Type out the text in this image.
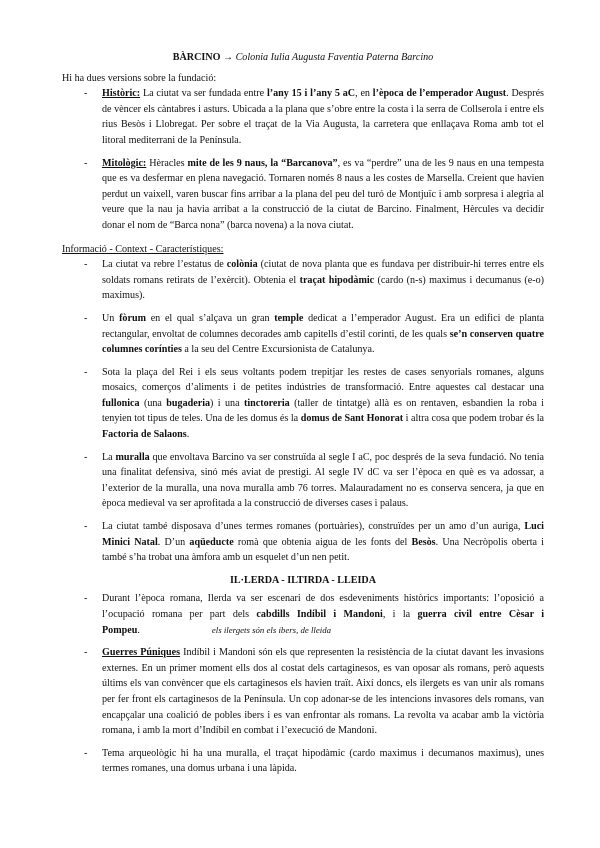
BÀRCINO → Colonia Iulia Augusta Faventia Paterna Barcino

Hi ha dues versions sobre la fundació:

- Històric: La ciutat va ser fundada entre l’any 15 i l’any 5 aC, en l’època de l’emperador August. Després de vèncer els càntabres i asturs. Ubicada a la plana que s’obre entre la costa i la serra de Collserola i entre els rius Besòs i Llobregat. Per sobre el traçat de la Via Augusta, la carretera que enllaçava Roma amb tot el litoral mediterrani de la Península.
- Mitològic: Hèracles mite de les 9 naus, la “Barcanova”, es va “perdre” una de les 9 naus en una tempesta que es va desfermar en plena navegació. Tornaren només 8 naus a les costes de Marsella. Creient que havien perdut un vaixell, varen buscar fins arribar a la plana del peu del turó de Montjuïc i amb sorpresa i alegria al veure que la nau ja havia arribat a la construcció de la ciutat de Barcino. Finalment, Hèrcules va decidir donar el nom de “Barca nona” (barca novena) a la nova ciutat.

Informació - Context - Característiques:

- La ciutat va rebre l’estatus de colònia (ciutat de nova planta que es fundava per distribuir-hi terres entre els soldats romans retirats de l’exèrcit). Obtenia el traçat hipodàmic (cardo (n-s) maximus i decumanus (e-o) maximus).
- Un fòrum en el qual s’alçava un gran temple dedicat a l’emperador August. Era un edifici de planta rectangular, envoltat de columnes decorades amb capitells d’estil corinti, de les quals se’n conserven quatre columnes corínties a la seu del Centre Excursionista de Catalunya.
- Sota la plaça del Rei i els seus voltants podem trepitjar les restes de cases senyorials romanes, alguns mosaics, comerços d’aliments i de petites indústries de transformació. Entre aquestes cal destacar una fullonica (una bugaderia) i una tinctoreria (taller de tintatge) allà es on rentaven, esbandien la roba i tenyien tot tipus de teles. Una de les domus és la domus de Sant Honorat i altra cosa que podem trobar és la Factoria de Salaons.
- La muralla que envoltava Barcino va ser construïda al segle I aC, poc després de la seva fundació. No tenia una finalitat defensiva, sinó més aviat de prestigi. Al segle IV dC va ser l’època en què es va adossar, a l’exterior de la muralla, una nova muralla amb 76 torres. Malauradament no es conserva sencera, ja que en època medieval va ser aprofitada a la construcció de diverses cases i palaus.
- La ciutat també disposava d’unes termes romanes (portuàries), construïdes per un amo d’un auriga, Luci Minici Natal. D’un aqüeducte romà que obtenia aigua de les fonts del Besòs. Una Necròpolis oberta i també s’ha trobat una àmfora amb un esquelet d’un nen petit.
IL·LERDA - ILTIRDA - LLEIDA
- Durant l’època romana, Ilerda va ser escenari de dos esdeveniments històrics importants: l’oposició a l’ocupació romana per part dels cabdills Indíbil i Mandoni, i la guerra civil entre Cèsar i Pompeu.	els ilergets són els ibers, de lleida
- Guerres Púniques Indíbil i Mandoni són els que representen la resistència de la ciutat davant les invasions externes. En un primer moment ells dos al costat dels cartaginesos, es van oposar als romans, però aquests últims els van convèncer que els cartaginesos els havien traït. Així doncs, els ilergets es van unir als romans per fer front els cartaginesos de la Península. Un cop adonar-se de les intencions invasores dels romans, van encapçalar una coalició de pobles ibers i es van enfrontar als romans. La revolta va acabar amb la victòria romana, i amb la mort d’Indíbil en combat i l’execució de Mandoni.
- Tema arqueològic hi ha una muralla, el traçat hipodàmic (cardo maximus i decumanos maximus), unes termes romanes, una domus urbana i una làpida.
